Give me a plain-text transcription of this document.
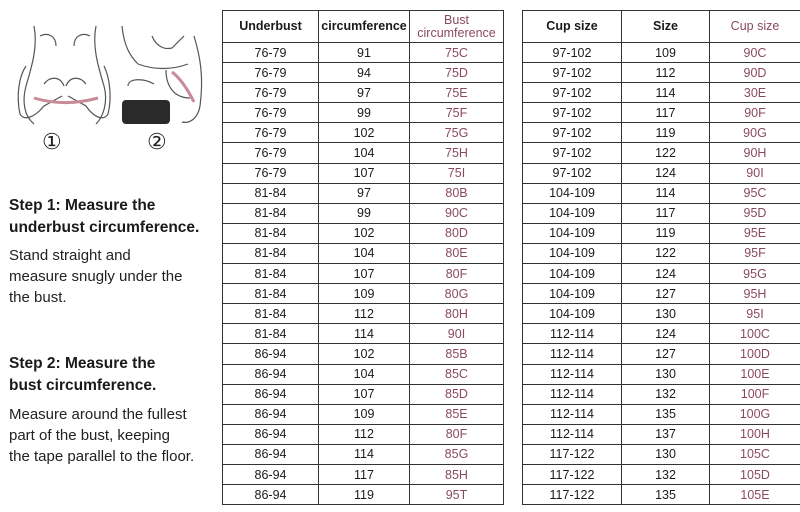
①	②
Step 1: Measure the
underbust circumference.
Stand straight and
measure snugly under the
the bust.
Step 2: Measure the
bust circumference.
Measure around the fullest
part of the bust, keeping
the tape parallel to the floor.
Underbust	circumference	Bust circumference
76-79	91	75C
76-79	94	75D
76-79	97	75E
76-79	99	75F
76-79	102	75G
76-79	104	75H
76-79	107	75I
81-84	97	80B
81-84	99	90C
81-84	102	80D
81-84	104	80E
81-84	107	80F
81-84	109	80G
81-84	112	80H
81-84	114	90I
86-94	102	85B
86-94	104	85C
86-94	107	85D
86-94	109	85E
86-94	112	80F
86-94	114	85G
86-94	117	85H
86-94	119	95T
Cup size	Size	Cup size
97-102	109	90C
97-102	112	90D
97-102	114	30E
97-102	117	90F
97-102	119	90G
97-102	122	90H
97-102	124	90I
104-109	114	95C
104-109	117	95D
104-109	119	95E
104-109	122	95F
104-109	124	95G
104-109	127	95H
104-109	130	95I
112-114	124	100C
112-114	127	100D
112-114	130	100E
112-114	132	100F
112-114	135	100G
112-114	137	100H
117-122	130	105C
117-122	132	105D
117-122	135	105E
